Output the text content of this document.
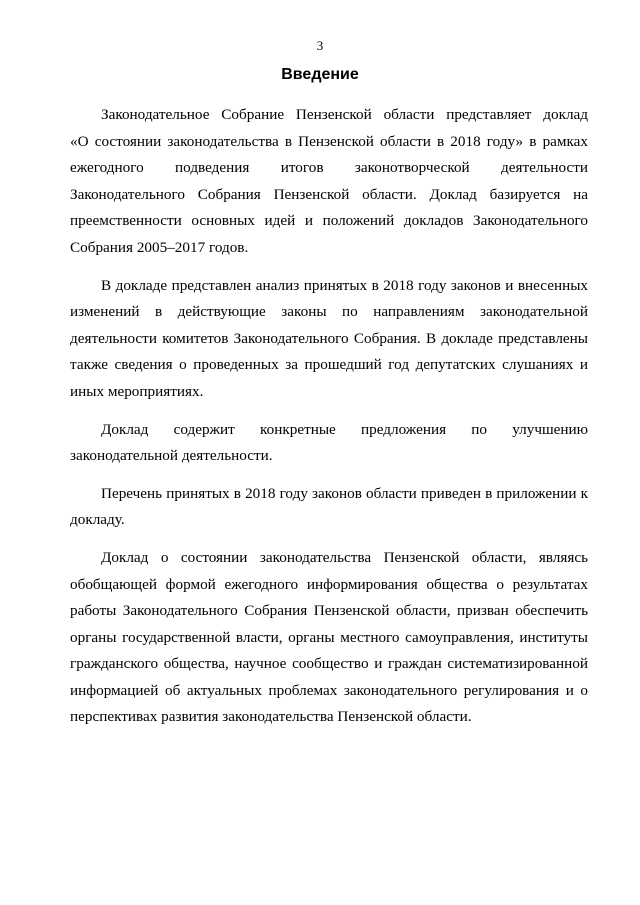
3
Введение
Законодательное Собрание Пензенской области представляет доклад
«О состоянии законодательства в Пензенской области в 2018 году» в рамках
ежегодного подведения итогов законотворческой деятельности
Законодательного Собрания Пензенской области. Доклад базируется на
преемственности основных идей и положений докладов Законодательного
Собрания 2005–2017 годов.
В докладе представлен анализ принятых в 2018 году законов и внесенных
изменений в действующие законы по направлениям законодательной
деятельности комитетов Законодательного Собрания. В докладе представлены
также сведения о проведенных за прошедший год депутатских слушаниях и
иных мероприятиях.
Доклад содержит конкретные предложения по улучшению
законодательной деятельности.
Перечень принятых в 2018 году законов области приведен в приложении к
докладу.
Доклад о состоянии законодательства Пензенской области, являясь
обобщающей формой ежегодного информирования общества о результатах
работы Законодательного Собрания Пензенской области, призван обеспечить
органы государственной власти, органы местного самоуправления, институты
гражданского общества, научное сообщество и граждан систематизированной
информацией об актуальных проблемах законодательного регулирования и о
перспективах развития законодательства Пензенской области.
